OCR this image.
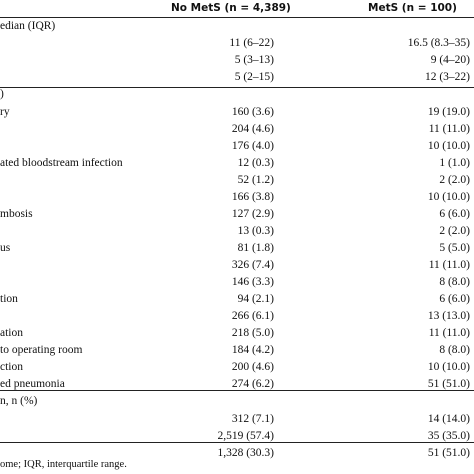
No MetS (n = 4,389)	MetS (n = 100)
edian (IQR)
11 (6–22)	16.5 (8.3–35)
5 (3–13)	9 (4–20)
5 (2–15)	12 (3–22)
)
ry	160 (3.6)	19 (19.0)
204 (4.6)	11 (11.0)
176 (4.0)	10 (10.0)
ated bloodstream infection	12 (0.3)	1 (1.0)
52 (1.2)	2 (2.0)
166 (3.8)	10 (10.0)
mbosis	127 (2.9)	6 (6.0)
13 (0.3)	2 (2.0)
us	81 (1.8)	5 (5.0)
326 (7.4)	11 (11.0)
146 (3.3)	8 (8.0)
tion	94 (2.1)	6 (6.0)
266 (6.1)	13 (13.0)
ation	218 (5.0)	11 (11.0)
to operating room	184 (4.2)	8 (8.0)
ction	200 (4.6)	10 (10.0)
ed pneumonia	274 (6.2)	51 (51.0)
n, n (%)
312 (7.1)	14 (14.0)
2,519 (57.4)	35 (35.0)
1,328 (30.3)	51 (51.0)
ome; IQR, interquartile range.
